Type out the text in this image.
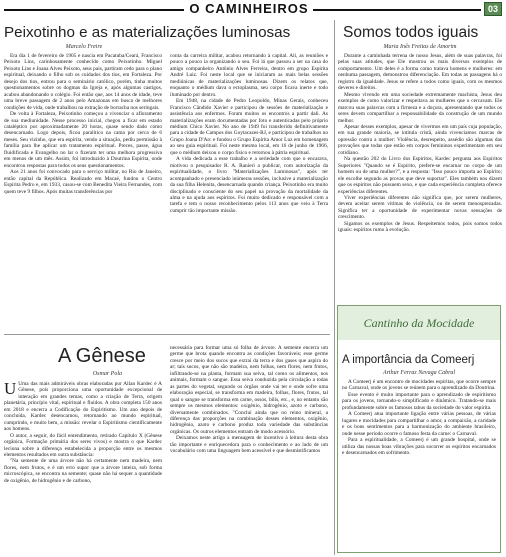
O CAMINHEIROS	03
Peixotinho e as materializações luminosas
Marcelo Freire

Era dia 1 de fevereiro de 1905 e nascia em Pacatuba/Ceará, Francisco Peixoto Lins, carinhosamente conhecido como Peixotinho. Miguel Peixoto Lins e Joana Alves Peixoto, seus pais, partiram cedo para o plano espiritual, deixando o filho sob os cuidados dos tios, em Fortaleza. Por desejo dos tios, entrou para o seminário católico, porém, tinha muitos questionamentos sobre os dogmas da Igreja e, após algumas castigos, acabou abandonando o colégio. Foi então que, aos 14 anos de idade, teve uma breve passagem de 2 anos pelo Amazonas em busca de melhores condições de vida, onde trabalhou na extração de borracha nos seringais.

De volta à Fortaleza, Peixotinho começou a vivenciar o afloramento de sua mediunidade. Nesse processo inicial, chegou a ficar em estado cataléptico por aproximadamente 20 horas, quase sendo dado como desencarnado. Logo depois, ficou paralítico na cama por cerca de 6 meses. Seu vizinho, que era espírita, vendo a situação, pediu permissão à família para lhe aplicar um tratamento espiritual. Preces, passe, água fluidificada e Evangelho no lar o fizeram ter uma melhora progressiva em menos de um mês. Assim, foi introduzido à Doutrina Espírita, onde encontrou respostas para todos os seus questionamentos.

Aos 21 anos foi convocado para o serviço militar, no Rio de Janeiro, então capital da República. Realizado em Macaé, fundou o Centro Espírita Pedro e, em 1933, casou-se com Benedita Vieira Fernandes, com quem teve 9 filhos. Após muitas transferências por

conta da carreira militar, acabou retornando à capital. Ali, as reuniões e pouco a pouco ia organizando o seu. Foi lá que passou a ser na casa do amigo companheiro Antônio Alves Ferreira, dentro em grupo Espírita André Luiz. Foi neste local que se iniciaram as mais belas sessões mediúnicas de materializações luminosas. Dizem os relatos que, enquanto o médium dava o ectoplasma, seu corpo ficava inerte e todo iluminado por dentro.

Em 1948, na cidade de Pedro Leopoldo, Minas Gerais, conheceu Francisco Cândido Xavier e participou de sessões de materialização e assistência aos enfermos. Foram muitos os encontros a partir dali. As materializações eram documentadas por foto e autenticadas pelo próprio médium Chico Xavier. No ano de 1949 foi transferido definitivamente para a cidade de Campos dos Goytacazes-RJ, e participou de trabalhos no Grupo Joana D'Arc e fundou o Grupo Espírita Amor Luz em homenagem ao seu guia espiritual. Foi neste mesmo local, em 16 de junho de 1966, que o médium deixou o corpo físico e retornou à pátria espiritual.

A vida dedicada a esse trabalho e a seriedade com que o encarava, motivou o pesquisador R. A. Ranieri a publicar, com autorização da espiritualidade, o livro "Materializações Luminosas", após ter acompanhado e presenciado inúmeras sessões, inclusive a materialização da sua filha Helenita, desencarnada quando criança. Peixotinho era muito disciplinado e consciente do seu papel na provação da mortalidade da alma e na ajuda aos espíritos. Foi muito dedicado e responsável com a tarefa e tem o nosso reconhecimento pelos 113 anos que veio à Terra cumprir tão importante missão.

A Gênese
Osmar Pola

U Uma das mais admiráveis obras elaboradas por Allan Kardec é A Gênese, pois proporciona uma oportunidade excepcional de interação em grandes temas, como a criação de Terra, origem planetária, princípio vital, espiritual e fluidos. A obra completa 150 anos em 2018 e encerra a Codificação do Espiritismo. Um ano depois de concluída, Kardec desencarnou, retornando ao mundo espiritual, cumprindo, e muito bem, a missão: revelar o Espiritismo cientificamente aos homens.

O autor, a seguir, do fácil entendimento, retirado Capítulo X (Gênese orgânica, Formação primária dos seres vivos) e mostra o que Kardec leciona sobre a diferença estabelecida a proporção entre os mesmos elementos resultados em outra substância:

"Na semente de uma árvore não há certamente nem madeira, nem flores, nem frutos, e é um erro supor que a árvore inteira, sob forma microscópica, se encontra na semente; quase não há sequer a quantidade de oxigênio, de hidrogênio e de carbono,

necessária para formar uma só folha de árvore. A semente encerra um germe que brota quando encontra as condições favoráveis; esse germe cresce por meio dos sucos que extrai da terra e dos gases que aspira do ar; tais sucos, que não são madeira, nem folhas, nem flores, nem frutos, infiltrando-se na planta, formam sua seiva, tal como os alimentos, nos animais, formam o sangue. Essa seiva conduzida pela circulação a todas as partes do vegetal, segundo os órgãos onde vai ter e onde sofre uma elaboração especial, se transforma em madeira, folhas, flores, frutos, tal qual o sangue se transforma em carne, ossos, bílis, etc., e, no entanto são sempre os mesmos elementos: oxigênio, hidrogênio, azoto e carbono, diversamente combinados. "Conclui ainda que no reino mineral, a diferença das proporções na combinação desses elementos, oxigênio, hidrogênio, azoto e carbono produz toda variedade das substâncias orgânicas. Os outros elementos entram de modo acessório.

Deixamos neste artigo a mensagem de incentivo à leitura desta obra tão importante e enriquecedora para o conhecimento e ao lado de um vocabulário com uma linguagem bem acessível e que desmistificamos

Somos todos iguais
Maria Inês Freitas de Amorim

Durante a caminhada terrena de nosso Jesus, além de suas palavras, foi pelas suas atitudes, que Ele mostrou os mais diversos exemplos de comportamento. Um deles é a forma como tratava homens e mulheres: em nenhuma passagem, demonstrou diferenciação. Em todas as passagens há o registro da igualdade. Jesus se refere a todos como iguais, com os mesmos deveres e direitos.

Mesmo vivendo em uma sociedade extremamente machista, Jesus deu exemplos de como valorizar e respeitava as mulheres que o cercavam. Ele marcou suas palavras com a firmeza e a doçura, apresentando que todos os seres devem compartilhar a responsabilidade da construção de um mundo melhor.

Apesar desses exemplos, apesar de vivermos em um país cuja população, em sua grande maioria, se intitula cristã, ainda vivenciamos marcas de opressão contra a mulher: Violência, desrespeito, assédio são algumas das provações que todas que estão em corpos femininos experimentam em seu cotidiano.

Na questão 202 do Livro dos Espíritos, Kardec pergunta aos Espíritos Superiores "Quando se é Espírito, prefere-se encarnar no corpo de um homem ou de uma mulher?", e a resposta: "Isso pouco importa ao Espírito; ele escolhe segundo as provas que deve suportar". Eles também nos dizem que os espíritos não possuem sexo, e que cada experiência completa oferece experiências diferentes.

Viver experiências diferentes não significa que, por serem mulheres, devem aceitar serem vítimas de violência, ou de serem menosprezadas. Significa ter a oportunidade de experimentar novas sensações de crescimento.

Sigamos os exemplos de Jesus. Respeitemos todos, pois somos todos iguais: espíritos rumo à evolução.

Cantinho da Mocidade
A importância da Comeerj
Arthur Ferraz Nevaga Cabral

A Comeerj é um encontro de mocidades espíritas, que ocorre sempre no Carnaval, onde os jovens se reúnem para o aprendizado da Doutrina.

Esse evento é muito importante para o aprendizado de espiritismo para os jovens, tornando-o simplificado e dinâmico. Tratando-se mais profundamente sobre os famosos tabus da sociedade do valor espírita.

A Comeerj atua importante ligação entre várias pessoas, de várias lugares e mocidades para compartilhar o amor, a compaixão, a caridade e os bons sentimentos para a harmonização do ambiente brasileiro, onde nesse período ocorre o famoso festa da carne: o Carnaval.

Para a espiritualidade, a Comeerj é um grande hospital, onde se utiliza das nossas boas vibrações para socorrer os espíritos encarnados e desencarnados em sofrimento.
